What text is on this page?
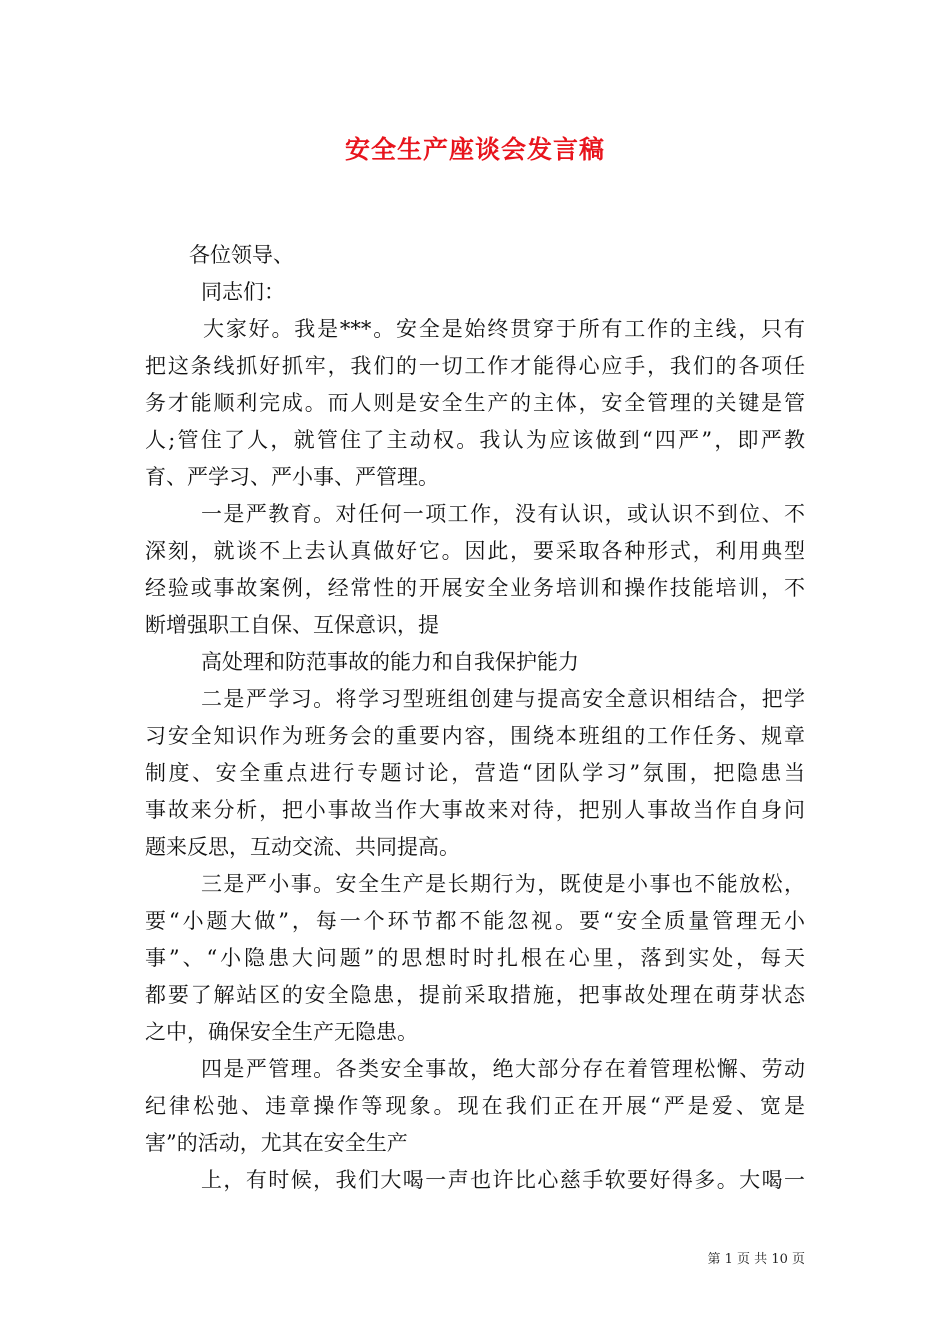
安全生产座谈会发言稿
各位领导、
同志们：
大家好。我是***。安全是始终贯穿于所有工作的主线，只有
把这条线抓好抓牢，我们的一切工作才能得心应手，我们的各项任
务才能顺利完成。而人则是安全生产的主体，安全管理的关键是管
人;管住了人，就管住了主动权。我认为应该做到“四严”，即严教
育、严学习、严小事、严管理。
一是严教育。对任何一项工作，没有认识，或认识不到位、不
深刻，就谈不上去认真做好它。因此，要采取各种形式，利用典型
经验或事故案例，经常性的开展安全业务培训和操作技能培训，不
断增强职工自保、互保意识，提
高处理和防范事故的能力和自我保护能力
二是严学习。将学习型班组创建与提高安全意识相结合，把学
习安全知识作为班务会的重要内容，围绕本班组的工作任务、规章
制度、安全重点进行专题讨论，营造“团队学习”氛围，把隐患当
事故来分析，把小事故当作大事故来对待，把别人事故当作自身问
题来反思，互动交流、共同提高。
三是严小事。安全生产是长期行为，既使是小事也不能放松，
要“小题大做”，每一个环节都不能忽视。要“安全质量管理无小
事”、“小隐患大问题”的思想时时扎根在心里，落到实处，每天
都要了解站区的安全隐患，提前采取措施，把事故处理在萌芽状态
之中，确保安全生产无隐患。
四是严管理。各类安全事故，绝大部分存在着管理松懈、劳动
纪律松弛、违章操作等现象。现在我们正在开展“严是爱、宽是
害”的活动，尤其在安全生产
上，有时候，我们大喝一声也许比心慈手软要好得多。大喝一
第 1 页 共 10 页
